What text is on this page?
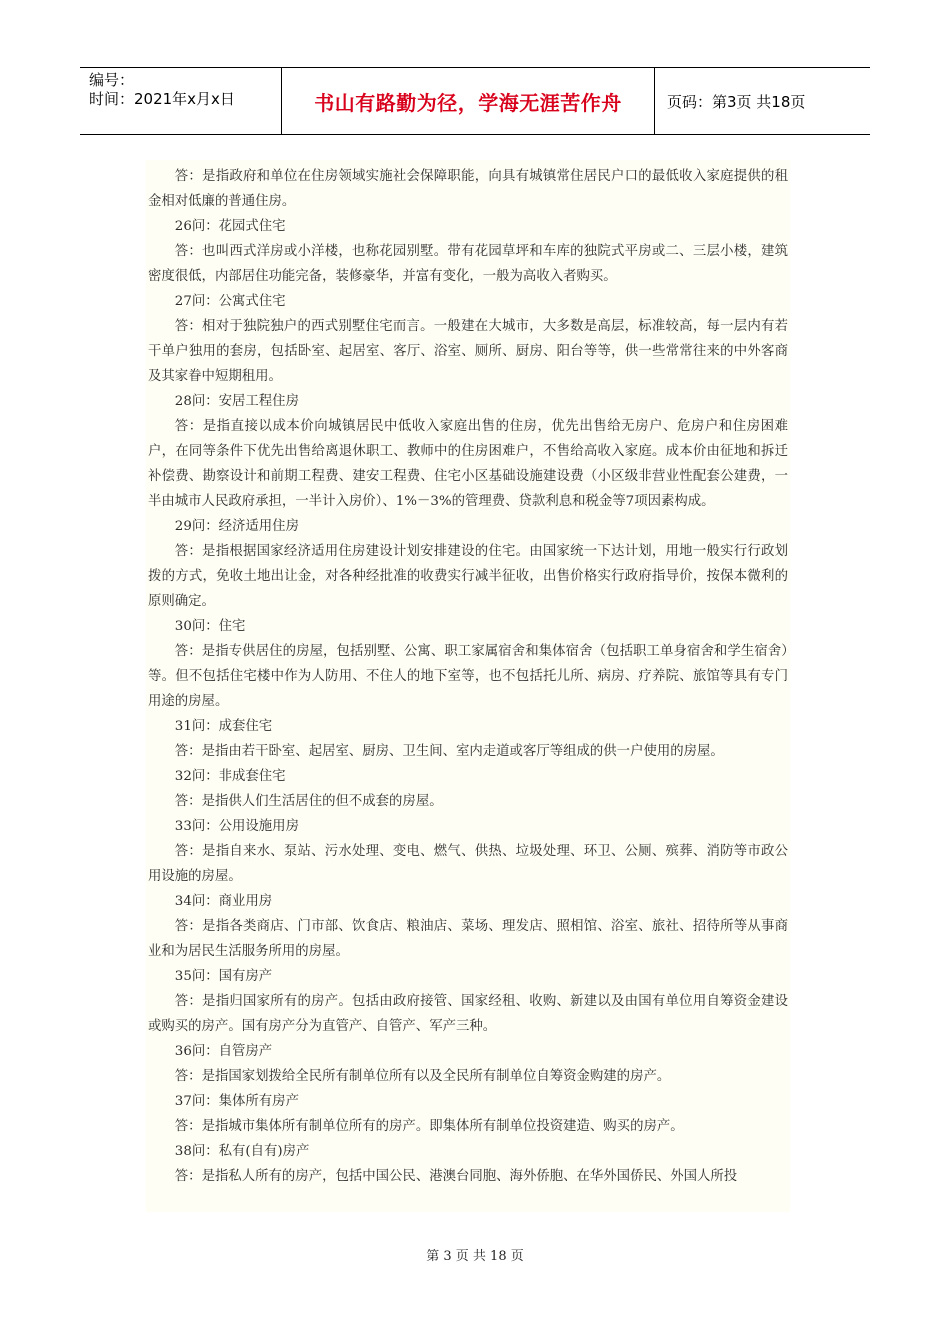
编号：
时间：2021年x月x日	书山有路勤为径，学海无涯苦作舟	页码：第3页 共18页

答：是指政府和单位在住房领域实施社会保障职能，向具有城镇常住居民户口的最低收入家庭提供的租金相对低廉的普通住房。

26问：花园式住宅

答：也叫西式洋房或小洋楼，也称花园别墅。带有花园草坪和车库的独院式平房或二、三层小楼，建筑密度很低，内部居住功能完备，装修豪华，并富有变化，一般为高收入者购买。

27问：公寓式住宅

答：相对于独院独户的西式别墅住宅而言。一般建在大城市，大多数是高层，标准较高，每一层内有若干单户独用的套房，包括卧室、起居室、客厅、浴室、厕所、厨房、阳台等等，供一些常常往来的中外客商及其家眷中短期租用。

28问：安居工程住房

答：是指直接以成本价向城镇居民中低收入家庭出售的住房，优先出售给无房户、危房户和住房困难户，在同等条件下优先出售给离退休职工、教师中的住房困难户，不售给高收入家庭。成本价由征地和拆迁补偿费、勘察设计和前期工程费、建安工程费、住宅小区基础设施建设费（小区级非营业性配套公建费，一半由城市人民政府承担，一半计入房价）、1%－3%的管理费、贷款利息和税金等7项因素构成。

29问：经济适用住房

答：是指根据国家经济适用住房建设计划安排建设的住宅。由国家统一下达计划，用地一般实行行政划拨的方式，免收土地出让金，对各种经批准的收费实行减半征收，出售价格实行政府指导价，按保本微利的原则确定。

30问：住宅

答：是指专供居住的房屋，包括别墅、公寓、职工家属宿舍和集体宿舍（包括职工单身宿舍和学生宿舍）等。但不包括住宅楼中作为人防用、不住人的地下室等，也不包括托儿所、病房、疗养院、旅馆等具有专门用途的房屋。

31问：成套住宅

答：是指由若干卧室、起居室、厨房、卫生间、室内走道或客厅等组成的供一户使用的房屋。

32问：非成套住宅

答：是指供人们生活居住的但不成套的房屋。

33问：公用设施用房

答：是指自来水、泵站、污水处理、变电、燃气、供热、垃圾处理、环卫、公厕、殡葬、消防等市政公用设施的房屋。

34问：商业用房

答：是指各类商店、门市部、饮食店、粮油店、菜场、理发店、照相馆、浴室、旅社、招待所等从事商业和为居民生活服务所用的房屋。

35问：国有房产

答：是指归国家所有的房产。包括由政府接管、国家经租、收购、新建以及由国有单位用自筹资金建设或购买的房产。国有房产分为直管产、自管产、军产三种。

36问：自管房产

答：是指国家划拨给全民所有制单位所有以及全民所有制单位自筹资金购建的房产。

37问：集体所有房产

答：是指城市集体所有制单位所有的房产。即集体所有制单位投资建造、购买的房产。

38问：私有(自有)房产

答：是指私人所有的房产，包括中国公民、港澳台同胞、海外侨胞、在华外国侨民、外国人所投

第 3 页 共 18 页
